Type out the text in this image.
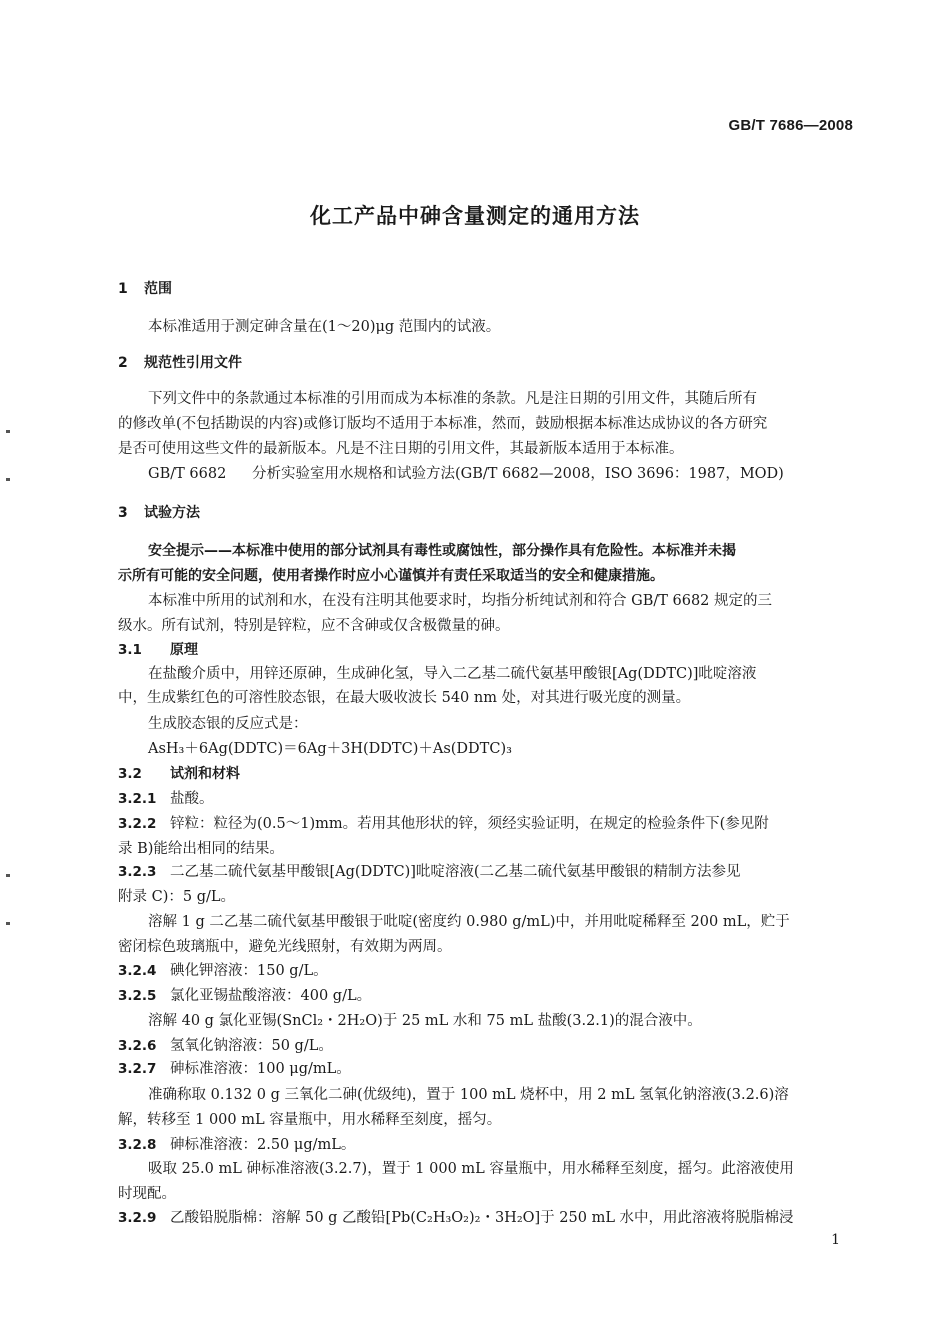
GB/T 7686—2008
化工产品中砷含量测定的通用方法
1 范围
本标准适用于测定砷含量在(1～20)μg 范围内的试液。
2 规范性引用文件
下列文件中的条款通过本标准的引用而成为本标准的条款。凡是注日期的引用文件，其随后所有
的修改单(不包括勘误的内容)或修订版均不适用于本标准，然而，鼓励根据本标准达成协议的各方研究
是否可使用这些文件的最新版本。凡是不注日期的引用文件，其最新版本适用于本标准。
GB/T 6682 分析实验室用水规格和试验方法(GB/T 6682—2008，ISO 3696：1987，MOD)
3 试验方法
安全提示——本标准中使用的部分试剂具有毒性或腐蚀性，部分操作具有危险性。本标准并未揭
示所有可能的安全问题，使用者操作时应小心谨慎并有责任采取适当的安全和健康措施。
本标准中所用的试剂和水，在没有注明其他要求时，均指分析纯试剂和符合 GB/T 6682 规定的三
级水。所有试剂，特别是锌粒，应不含砷或仅含极微量的砷。
3.1 原理
在盐酸介质中，用锌还原砷，生成砷化氢，导入二乙基二硫代氨基甲酸银[Ag(DDTC)]吡啶溶液
中，生成紫红色的可溶性胶态银，在最大吸收波长 540 nm 处，对其进行吸光度的测量。
生成胶态银的反应式是：
AsH₃＋6Ag(DDTC)＝6Ag＋3H(DDTC)＋As(DDTC)₃
3.2 试剂和材料
3.2.1 盐酸。
3.2.2 锌粒：粒径为(0.5～1)mm。若用其他形状的锌，须经实验证明，在规定的检验条件下(参见附
录 B)能给出相同的结果。
3.2.3 二乙基二硫代氨基甲酸银[Ag(DDTC)]吡啶溶液(二乙基二硫代氨基甲酸银的精制方法参见
附录 C)：5 g/L。
溶解 1 g 二乙基二硫代氨基甲酸银于吡啶(密度约 0.980 g/mL)中，并用吡啶稀释至 200 mL，贮于
密闭棕色玻璃瓶中，避免光线照射，有效期为两周。
3.2.4 碘化钾溶液：150 g/L。
3.2.5 氯化亚锡盐酸溶液：400 g/L。
溶解 40 g 氯化亚锡(SnCl₂・2H₂O)于 25 mL 水和 75 mL 盐酸(3.2.1)的混合液中。
3.2.6 氢氧化钠溶液：50 g/L。
3.2.7 砷标准溶液：100 μg/mL。
准确称取 0.132 0 g 三氧化二砷(优级纯)，置于 100 mL 烧杯中，用 2 mL 氢氧化钠溶液(3.2.6)溶
解，转移至 1 000 mL 容量瓶中，用水稀释至刻度，摇匀。
3.2.8 砷标准溶液：2.50 μg/mL。
吸取 25.0 mL 砷标准溶液(3.2.7)，置于 1 000 mL 容量瓶中，用水稀释至刻度，摇匀。此溶液使用
时现配。
3.2.9 乙酸铅脱脂棉：溶解 50 g 乙酸铅[Pb(C₂H₃O₂)₂・3H₂O]于 250 mL 水中，用此溶液将脱脂棉浸
1
